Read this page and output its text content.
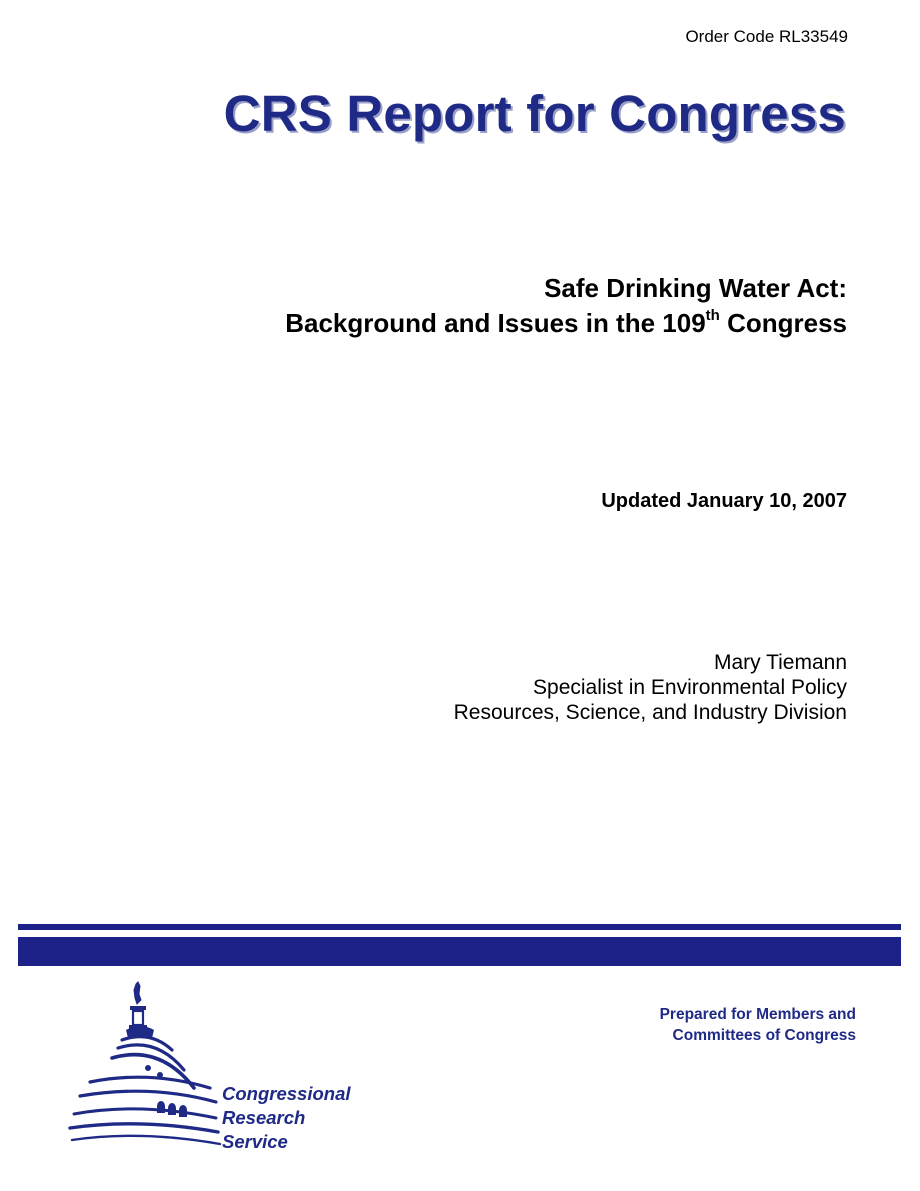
Order Code RL33549
CRS Report for Congress
Safe Drinking Water Act:
Background and Issues in the 109th Congress
Updated January 10, 2007
Mary Tiemann
Specialist in Environmental Policy
Resources, Science, and Industry Division
Congressional
Research
Service
Prepared for Members and
Committees of Congress
